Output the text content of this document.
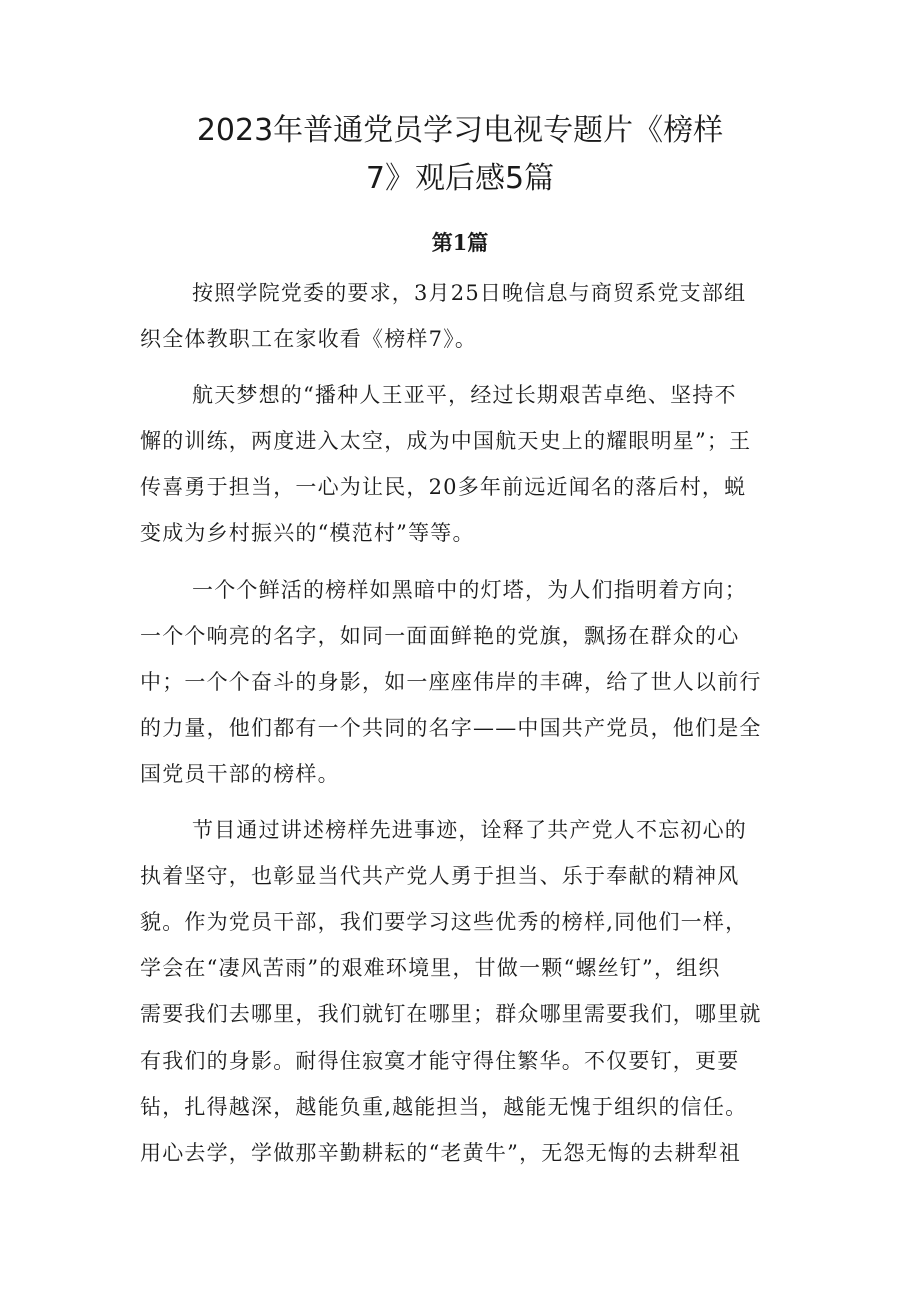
2023年普通党员学习电视专题片《榜样
7》观后感5篇
第1篇

按照学院党委的要求，3月25日晚信息与商贸系党支部组

织全体教职工在家收看《榜样7》。

航天梦想的“播种人王亚平，经过长期艰苦卓绝、坚持不

懈的训练，两度进入太空，成为中国航天史上的耀眼明星”；王

传喜勇于担当，一心为让民，20多年前远近闻名的落后村，蜕

变成为乡村振兴的“模范村”等等。

一个个鲜活的榜样如黑暗中的灯塔，为人们指明着方向；

一个个响亮的名字，如同一面面鲜艳的党旗，飘扬在群众的心

中；一个个奋斗的身影，如一座座伟岸的丰碑，给了世人以前行

的力量，他们都有一个共同的名字——中国共产党员，他们是全

国党员干部的榜样。

节目通过讲述榜样先进事迹，诠释了共产党人不忘初心的

执着坚守，也彰显当代共产党人勇于担当、乐于奉献的精神风

貌。作为党员干部，我们要学习这些优秀的榜样,同他们一样，

学会在“凄风苦雨”的艰难环境里，甘做一颗“螺丝钉”，组织

需要我们去哪里，我们就钉在哪里；群众哪里需要我们，哪里就

有我们的身影。耐得住寂寞才能守得住繁华。不仅要钉，更要

钻，扎得越深，越能负重,越能担当，越能无愧于组织的信任。

用心去学，学做那辛勤耕耘的“老黄牛”，无怨无悔的去耕犁祖
